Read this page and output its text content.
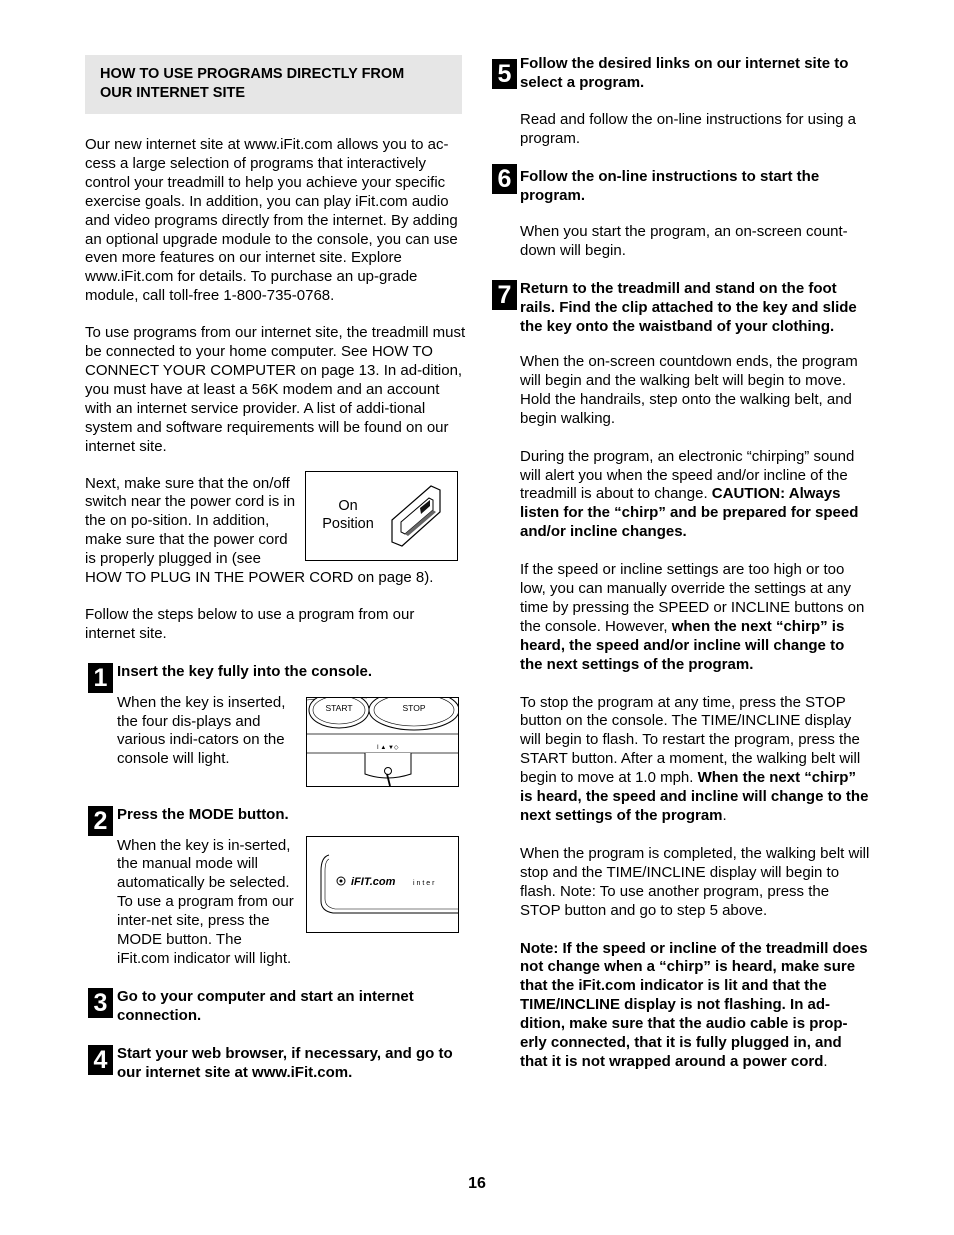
HOW TO USE PROGRAMS DIRECTLY FROM

OUR INTERNET SITE

Our new internet site at www.iFit.com allows you to ac-cess a large selection of programs that interactively control your treadmill to help you achieve your specific exercise goals. In addition, you can play iFit.com audio and video programs directly from the internet. By adding an optional upgrade module to the console, you can use even more features on our internet site. Explore www.iFit.com for details. To purchase an up-grade module, call toll-free 1-800-735-0768.

To use programs from our internet site, the treadmill must be connected to your home computer. See HOW TO CONNECT YOUR COMPUTER on page 13. In ad-dition, you must have at least a 56K modem and an account with an internet service provider. A list of addi-tional system and software requirements will be found on our internet site.

On
Position

Next, make sure that the on/off switch near the power cord is in the on po-sition. In addition, make sure that the power cord is properly plugged in (see

HOW TO PLUG IN THE POWER CORD on page 8).

Follow the steps below to use a program from our internet site.

1 Insert the key fully into the console.
START	STOP
I ▲ ▼◇

When the key is inserted, the four dis-plays and various indi-cators on the console will light.

2 Press the MODE button.
iFIT.com	i n t e r

When the key is in-serted, the manual mode will automatically be selected. To use a program from our inter-net site, press the MODE button. The iFit.com indicator will light.

3 Go to your computer and start an internet connection.
4 Start your web browser, if necessary, and go to our internet site at www.iFit.com.
5 Follow the desired links on our internet site to select a program.

Read and follow the on-line instructions for using a program.

6 Follow the on-line instructions to start the program.

When you start the program, an on-screen count-down will begin.

7 Return to the treadmill and stand on the foot rails. Find the clip attached to the key and slide the key onto the waistband of your clothing.

When the on-screen countdown ends, the program will begin and the walking belt will begin to move. Hold the handrails, step onto the walking belt, and begin walking.

During the program, an electronic “chirping” sound will alert you when the speed and/or incline of the treadmill is about to change. CAUTION: Always listen for the “chirp” and be prepared for speed and/or incline changes.

If the speed or incline settings are too high or too low, you can manually override the settings at any time by pressing the SPEED or INCLINE buttons on the console. However, when the next “chirp” is heard, the speed and/or incline will change to the next settings of the program.

To stop the program at any time, press the STOP button on the console. The TIME/INCLINE display will begin to flash. To restart the program, press the START button. After a moment, the walking belt will begin to move at 1.0 mph. When the next “chirp” is heard, the speed and incline will change to the next settings of the program.

When the program is completed, the walking belt will stop and the TIME/INCLINE display will begin to flash. Note: To use another program, press the STOP button and go to step 5 above.

Note: If the speed or incline of the treadmill does not change when a “chirp” is heard, make sure that the iFit.com indicator is lit and that the TIME/INCLINE display is not flashing. In ad-dition, make sure that the audio cable is prop-erly connected, that it is fully plugged in, and that it is not wrapped around a power cord.

16
